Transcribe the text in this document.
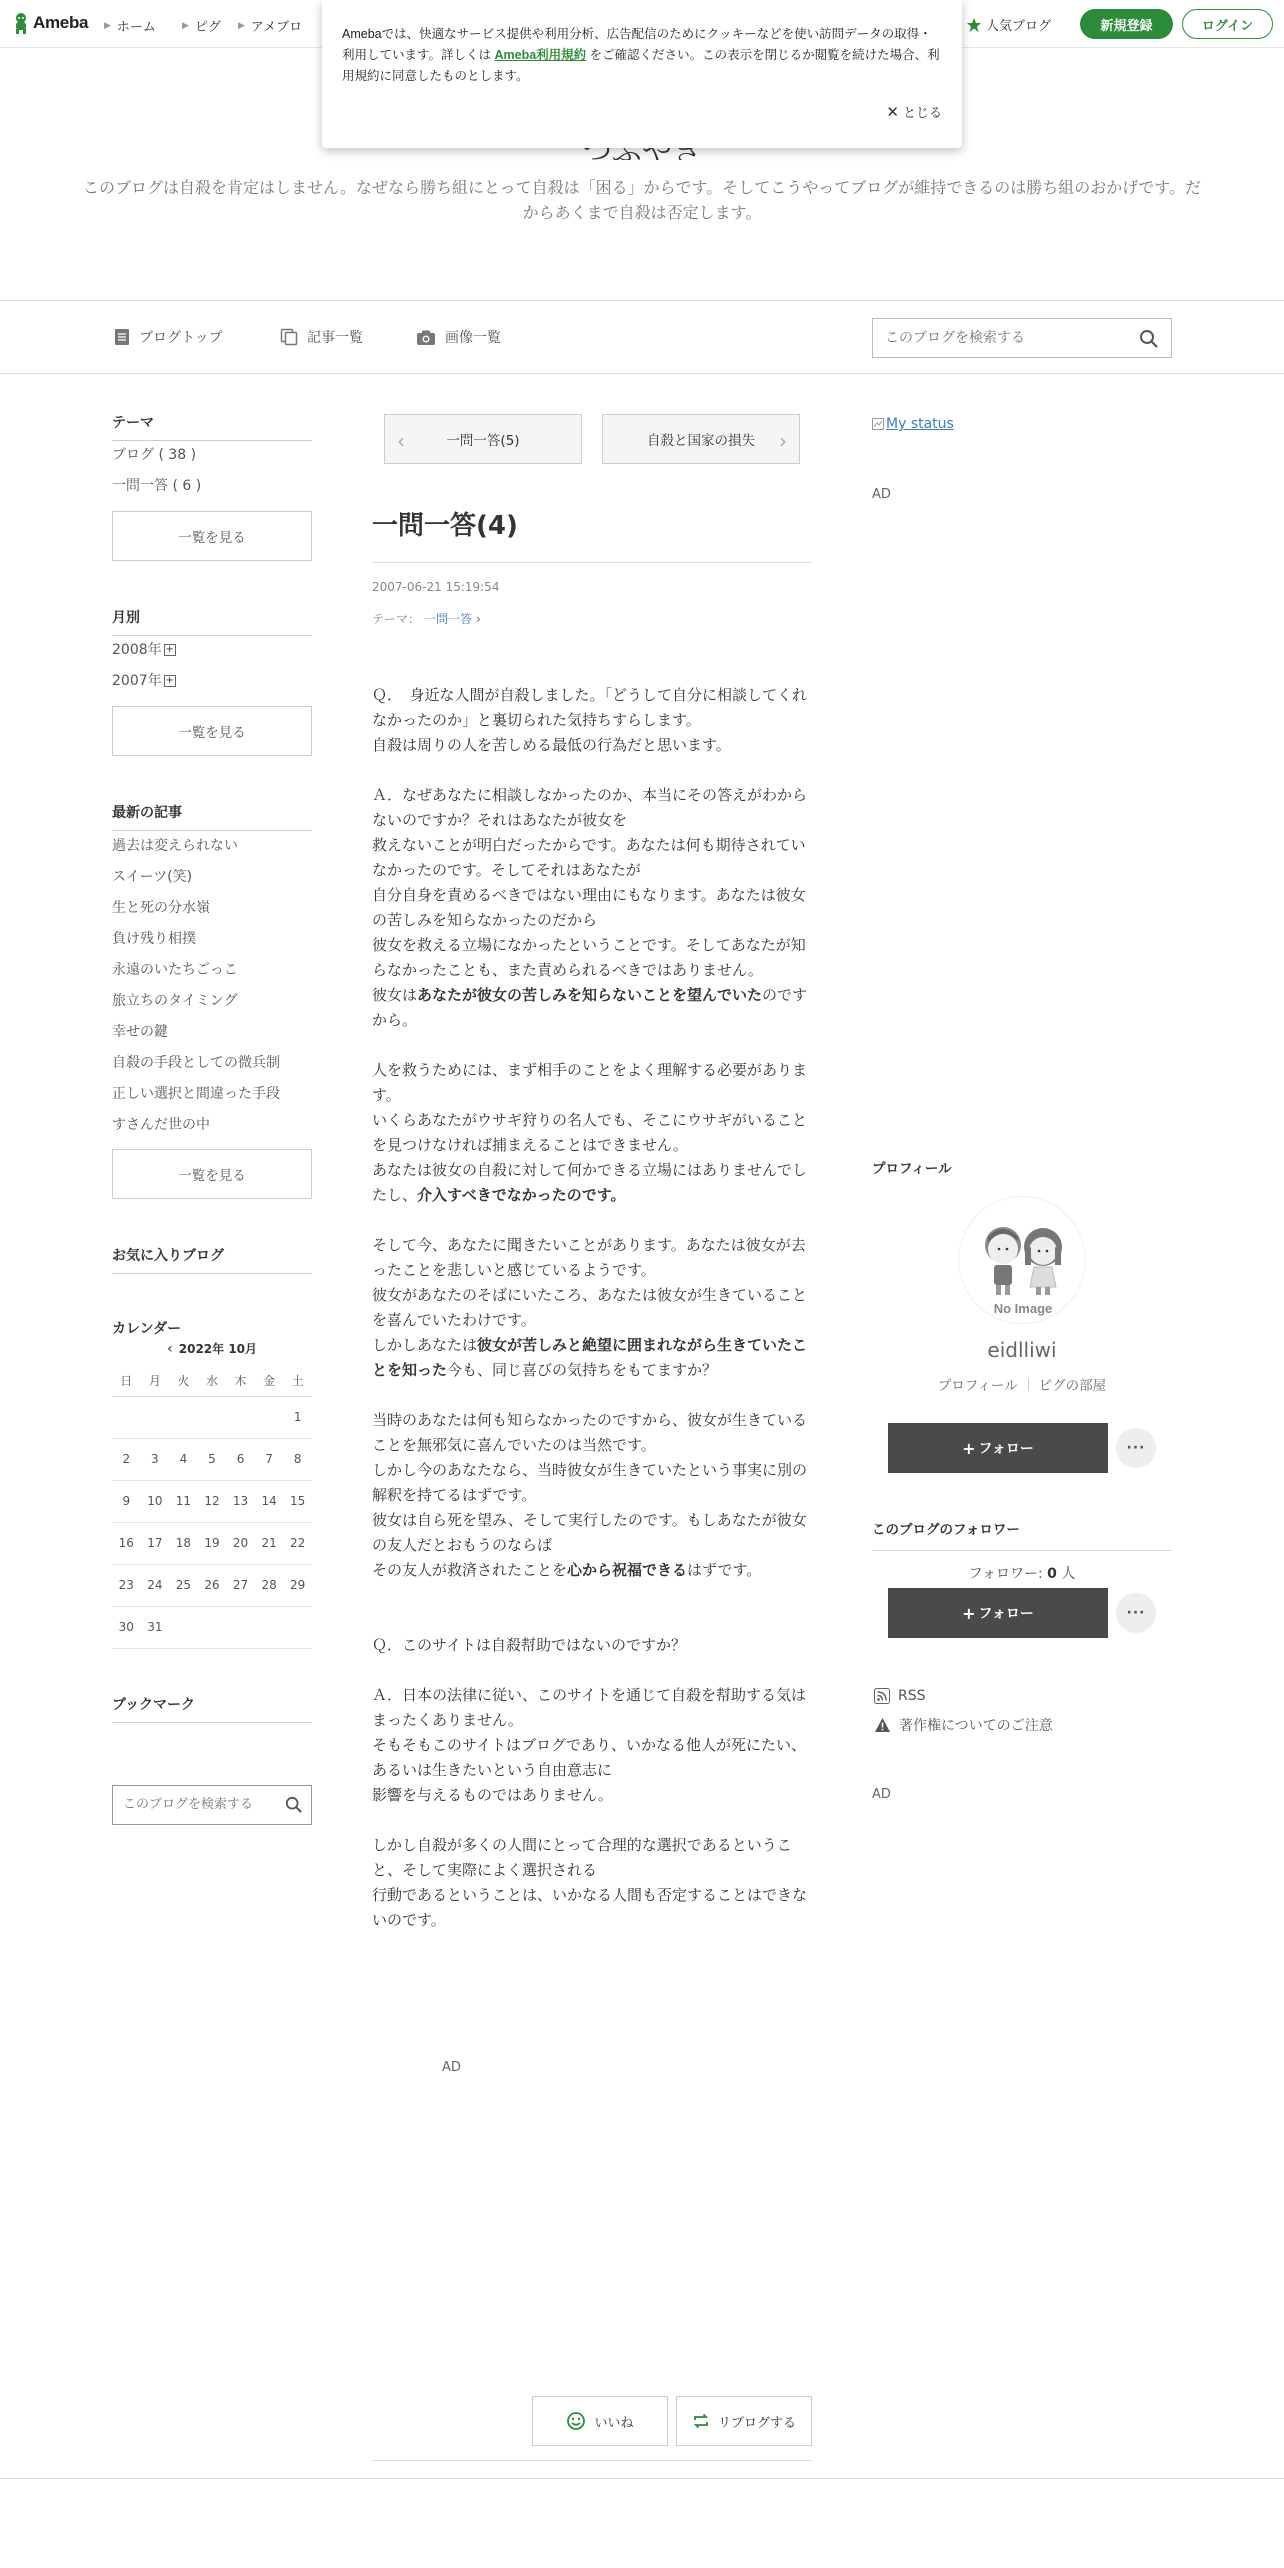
Ameba ▶ ホーム	▶ ピグ ▶ アメブロ	人気ブログ	新規登録	ログイン

Amebaでは、快適なサービス提供や利用分析、広告配信のためにクッキーなどを使い訪問データの取得・利用しています。詳しくは Ameba利用規約 をご確認ください。この表示を閉じるか閲覧を続けた場合、利用規約に同意したものとします。

✕ とじる
このブログは自殺を肯定はしません。なぜなら勝ち組にとって自殺は「困る」からです。そしてこうやってブログが維持できるのは勝ち組のおかげです。だからあくまで自殺は否定します。
ブログトップ	記事一覧	画像一覧
このブログを検索する
テーマ
ブログ ( 38 )
一問一答 ( 6 )
一覧を見る
月別
2008年 +
2007年 +
一覧を見る
最新の記事
過去は変えられない
スイーツ(笑)
生と死の分水嶺
負け残り相撲
永遠のいたちごっこ
旅立ちのタイミング
幸せの鍵
自殺の手段としての微兵制
正しい選択と間違った手段
すさんだ世の中
一覧を見る
お気に入りブログ
カレンダー
‹ 2022年 10月
日	月	火	水	木	金	土
						1
2	3	4	5	6	7	8
9	10	11	12	13	14	15
16	17	18	19	20	21	22
23	24	25	26	27	28	29
30	31					
ブックマーク
このブログを検索する
‹	一問一答(5)	自殺と国家の損失 ›
一問一答(4)
2007-06-21 15:19:54
テーマ： 一問一答 ›

Ｑ．　身近な人間が自殺しました。「どうして自分に相談してくれなかったのか」と裏切られた気持ちすらします。

自殺は周りの人を苦しめる最低の行為だと思います。

Ａ．なぜあなたに相談しなかったのか、本当にその答えがわからないのですか？それはあなたが彼女を

救えないことが明白だったからです。あなたは何も期待されていなかったのです。そしてそれはあなたが

自分自身を責めるべきではない理由にもなります。あなたは彼女の苦しみを知らなかったのだから

彼女を救える立場になかったということです。そしてあなたが知らなかったことも、また責められるべきではありません。

彼女はあなたが彼女の苦しみを知らないことを望んでいたのですから。

人を救うためには、まず相手のことをよく理解する必要があります。

いくらあなたがウサギ狩りの名人でも、そこにウサギがいることを見つけなければ捕まえることはできません。

あなたは彼女の自殺に対して何かできる立場にはありませんでしたし、介入すべきでなかったのです。

そして今、あなたに聞きたいことがあります。あなたは彼女が去ったことを悲しいと感じているようです。

彼女があなたのそばにいたころ、あなたは彼女が生きていることを喜んでいたわけです。

しかしあなたは彼女が苦しみと絶望に囲まれながら生きていたことを知った今も、同じ喜びの気持ちをもてますか？

当時のあなたは何も知らなかったのですから、彼女が生きていることを無邪気に喜んでいたのは当然です。

しかし今のあなたなら、当時彼女が生きていたという事実に別の解釈を持てるはずです。

彼女は自ら死を望み、そして実行したのです。もしあなたが彼女の友人だとおもうのならば

その友人が救済されたことを心から祝福できるはずです。

Ｑ．このサイトは自殺幇助ではないのですか？

Ａ．日本の法律に従い、このサイトを通じて自殺を幇助する気はまったくありません。

そもそもこのサイトはブログであり、いかなる他人が死にたい、あるいは生きたいという自由意志に

影響を与えるものではありません。

しかし自殺が多くの人間にとって合理的な選択であるということ、そして実際によく選択される

行動であるということは、いかなる人間も否定することはできないのです。

AD
いいね	リブログする
My status
AD
プロフィール
No Image
eidlliwi
プロフィール ピグの部屋
+ フォロー	···
このブログのフォロワー
フォロワー: 0 人
+ フォロー	···
RSS
著作権についてのご注意
AD
